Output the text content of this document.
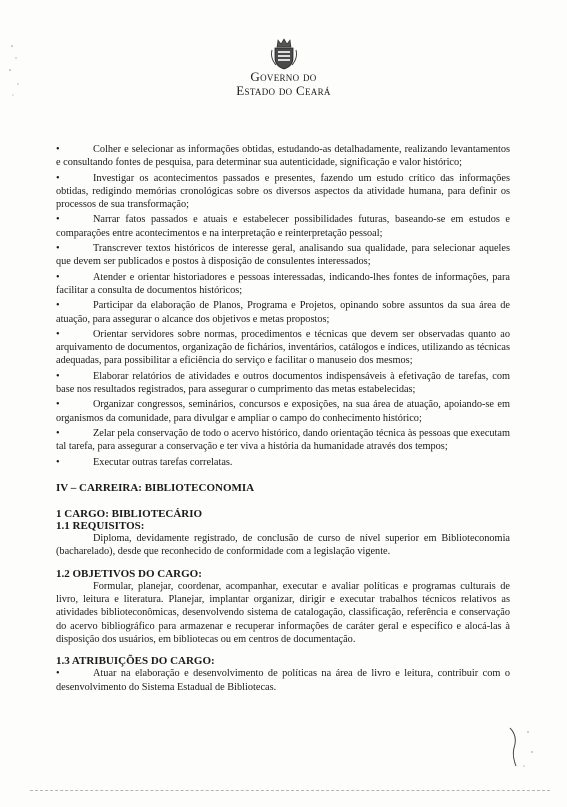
Governo do

Estado do Ceará

• Colher e selecionar as informações obtidas, estudando-as detalhadamente, realizando levantamentos e consultando fontes de pesquisa, para determinar sua autenticidade, significação e valor histórico;
• Investigar os acontecimentos passados e presentes, fazendo um estudo crítico das informações obtidas, redigindo memórias cronológicas sobre os diversos aspectos da atividade humana, para definir os processos de sua transformação;
• Narrar fatos passados e atuais e estabelecer possibilidades futuras, baseando-se em estudos e comparações entre acontecimentos e na interpretação e reinterpretação pessoal;
• Transcrever textos históricos de interesse geral, analisando sua qualidade, para selecionar aqueles que devem ser publicados e postos à disposição de consulentes interessados;
• Atender e orientar historiadores e pessoas interessadas, indicando-lhes fontes de informações, para facilitar a consulta de documentos históricos;
• Participar da elaboração de Planos, Programa e Projetos, opinando sobre assuntos da sua área de atuação, para assegurar o alcance dos objetivos e metas propostos;
• Orientar servidores sobre normas, procedimentos e técnicas que devem ser observadas quanto ao arquivamento de documentos, organização de fichários, inventários, catálogos e índices, utilizando as técnicas adequadas, para possibilitar a eficiência do serviço e facilitar o manuseio dos mesmos;
• Elaborar relatórios de atividades e outros documentos indispensáveis à efetivação de tarefas, com base nos resultados registrados, para assegurar o cumprimento das metas estabelecidas;
• Organizar congressos, seminários, concursos e exposições, na sua área de atuação, apoiando-se em organismos da comunidade, para divulgar e ampliar o campo do conhecimento histórico;
• Zelar pela conservação de todo o acervo histórico, dando orientação técnica às pessoas que executam tal tarefa, para assegurar a conservação e ter viva a história da humanidade através dos tempos;
• Executar outras tarefas correlatas.

IV – CARREIRA: BIBLIOTECONOMIA

1 CARGO: BIBLIOTECÁRIO

1.1 REQUISITOS:

Diploma, devidamente registrado, de conclusão de curso de nível superior em Biblioteconomia (bacharelado), desde que reconhecido de conformidade com a legislação vigente.

1.2 OBJETIVOS DO CARGO:

Formular, planejar, coordenar, acompanhar, executar e avaliar políticas e programas culturais de livro, leitura e literatura. Planejar, implantar organizar, dirigir e executar trabalhos técnicos relativos as atividades biblioteconômicas, desenvolvendo sistema de catalogação, classificação, referência e conservação do acervo bibliográfico para armazenar e recuperar informações de caráter geral e específico e alocá-las à disposição dos usuários, em bibliotecas ou em centros de documentação.

1.3 ATRIBUIÇÕES DO CARGO:

• Atuar na elaboração e desenvolvimento de políticas na área de livro e leitura, contribuir com o desenvolvimento do Sistema Estadual de Bibliotecas.
